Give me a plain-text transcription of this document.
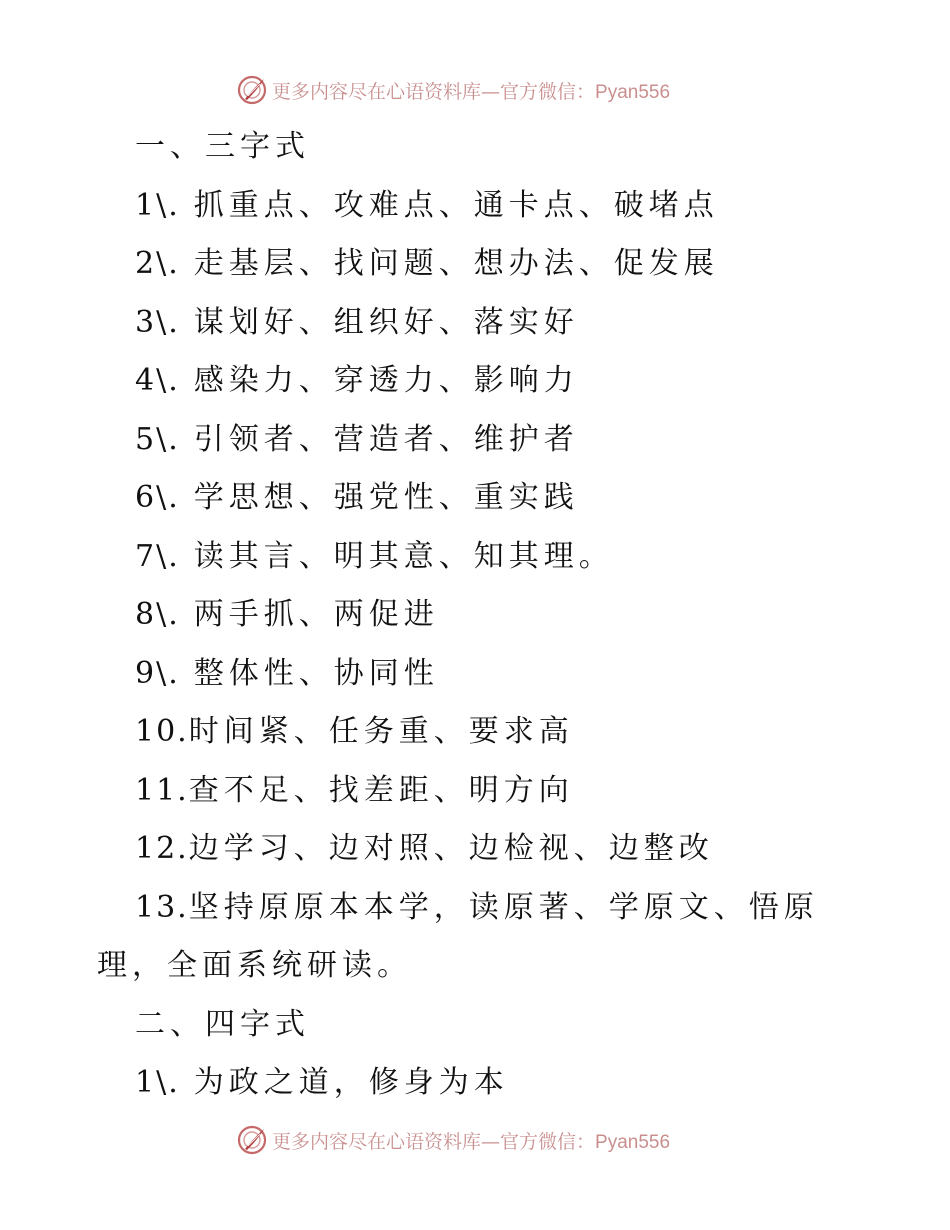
更多内容尽在心语资料库—官方微信：Pyan556
一、三字式
1\. 抓重点、攻难点、通卡点、破堵点
2\. 走基层、找问题、想办法、促发展
3\. 谋划好、组织好、落实好
4\. 感染力、穿透力、影响力
5\. 引领者、营造者、维护者
6\. 学思想、强党性、重实践
7\. 读其言、明其意、知其理。
8\. 两手抓、两促进
9\. 整体性、协同性
10.时间紧、任务重、要求高
11.查不足、找差距、明方向
12.边学习、边对照、边检视、边整改
13.坚持原原本本学，读原著、学原文、悟原
理，全面系统研读。
二、四字式
1\. 为政之道，修身为本
更多内容尽在心语资料库—官方微信：Pyan556
